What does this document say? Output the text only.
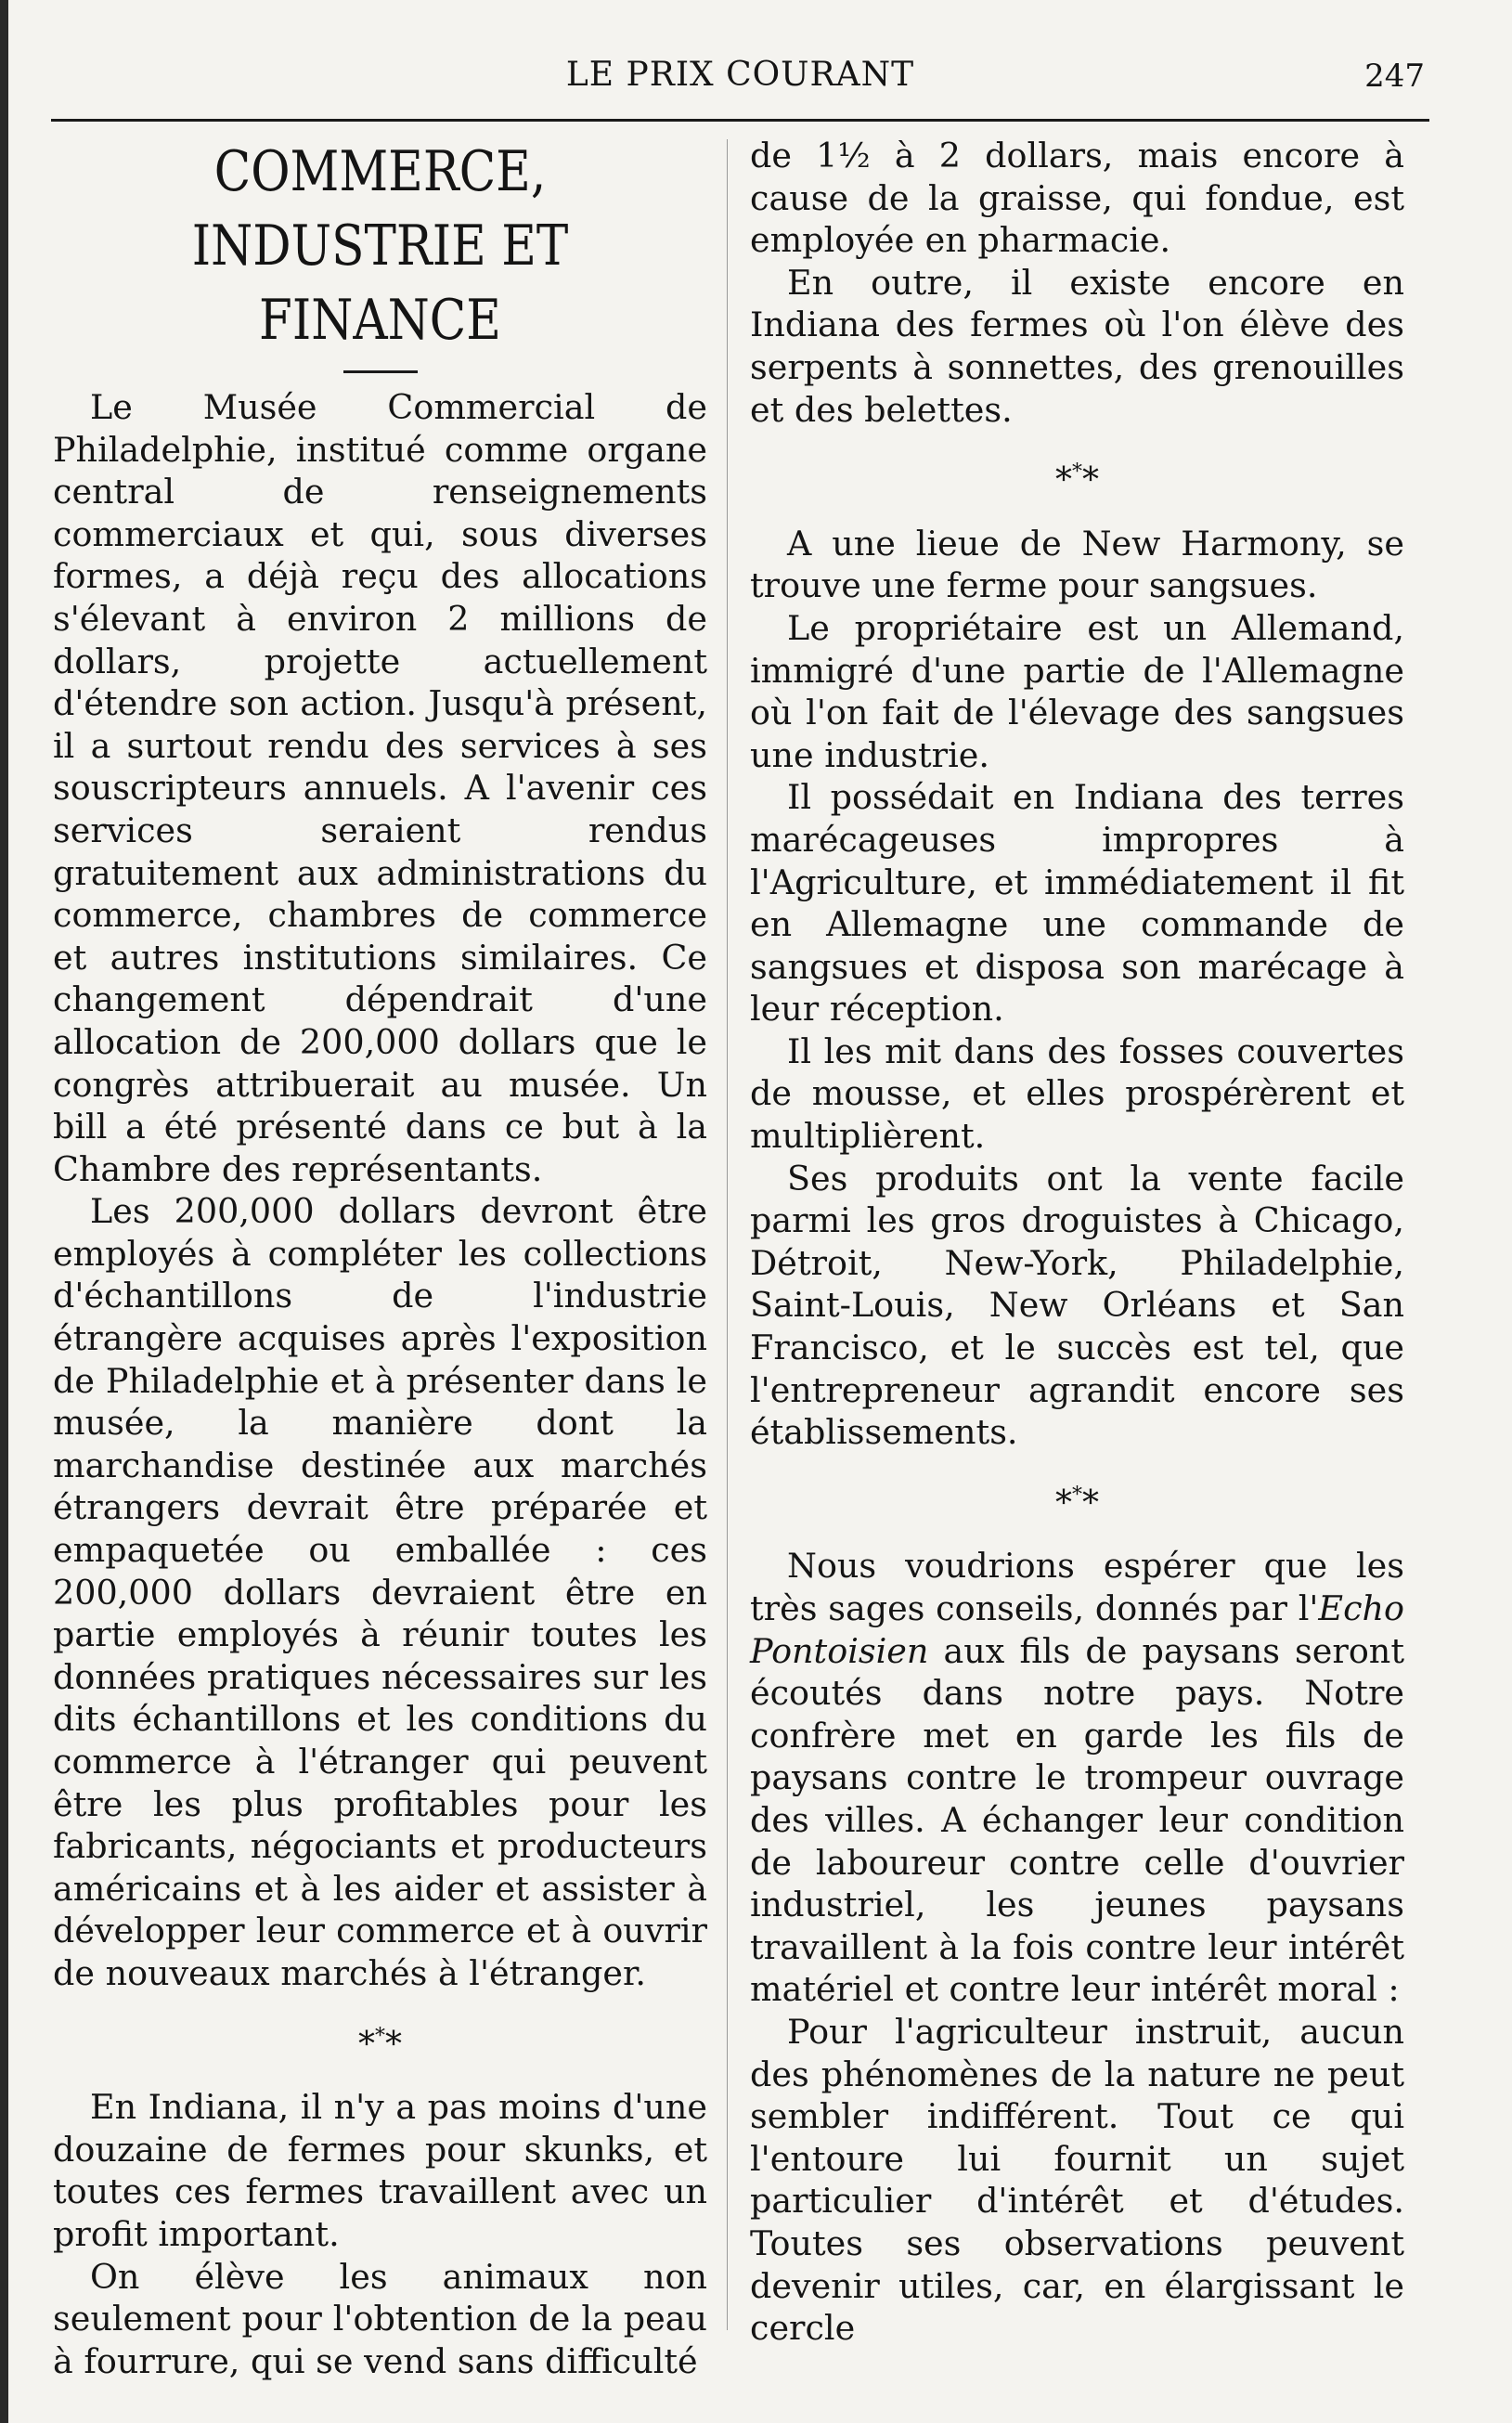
LE PRIX COURANT	247
COMMERCE,
INDUSTRIE ET FINANCE

Le Musée Commercial de Philadelphie, institué comme organe central de renseignements commerciaux et qui, sous diverses formes, a déjà reçu des allocations s'élevant à environ 2 millions de dollars, projette actuellement d'étendre son action. Jusqu'à présent, il a surtout rendu des services à ses souscripteurs annuels. A l'avenir ces services seraient rendus gratuitement aux administrations du commerce, chambres de commerce et autres institutions similaires. Ce changement dépendrait d'une allocation de 200,000 dollars que le congrès attribuerait au musée. Un bill a été présenté dans ce but à la Chambre des représentants.

Les 200,000 dollars devront être employés à compléter les collections d'échantillons de l'industrie étrangère acquises après l'exposition de Philadelphie et à présenter dans le musée, la manière dont la marchandise destinée aux marchés étrangers devrait être préparée et empaquetée ou emballée : ces 200,000 dollars devraient être en partie employés à réunir toutes les données pratiques nécessaires sur les dits échantillons et les conditions du commerce à l'étranger qui peuvent être les plus profitables pour les fabricants, négociants et producteurs américains et à les aider et assister à développer leur commerce et à ouvrir de nouveaux marchés à l'étranger.

***

En Indiana, il n'y a pas moins d'une douzaine de fermes pour skunks, et toutes ces fermes travaillent avec un profit important.

On élève les animaux non seulement pour l'obtention de la peau à fourrure, qui se vend sans difficulté

de 1½ à 2 dollars, mais encore à cause de la graisse, qui fondue, est employée en pharmacie.

En outre, il existe encore en Indiana des fermes où l'on élève des serpents à sonnettes, des grenouilles et des belettes.

***

A une lieue de New Harmony, se trouve une ferme pour sangsues.

Le propriétaire est un Allemand, immigré d'une partie de l'Allemagne où l'on fait de l'élevage des sangsues une industrie.

Il possédait en Indiana des terres marécageuses impropres à l'Agriculture, et immédiatement il fit en Allemagne une commande de sangsues et disposa son marécage à leur réception.

Il les mit dans des fosses couvertes de mousse, et elles prospérèrent et multiplièrent.

Ses produits ont la vente facile parmi les gros droguistes à Chicago, Détroit, New-York, Philadelphie, Saint-Louis, New Orléans et San Francisco, et le succès est tel, que l'entrepreneur agrandit encore ses établissements.

***

Nous voudrions espérer que les très sages conseils, donnés par l'Echo Pontoisien aux fils de paysans seront écoutés dans notre pays. Notre confrère met en garde les fils de paysans contre le trompeur ouvrage des villes. A échanger leur condition de laboureur contre celle d'ouvrier industriel, les jeunes paysans travaillent à la fois contre leur intérêt matériel et contre leur intérêt moral :

Pour l'agriculteur instruit, aucun des phénomènes de la nature ne peut sembler indifférent. Tout ce qui l'entoure lui fournit un sujet particulier d'intérêt et d'études. Toutes ses observations peuvent devenir utiles, car, en élargissant le cercle
